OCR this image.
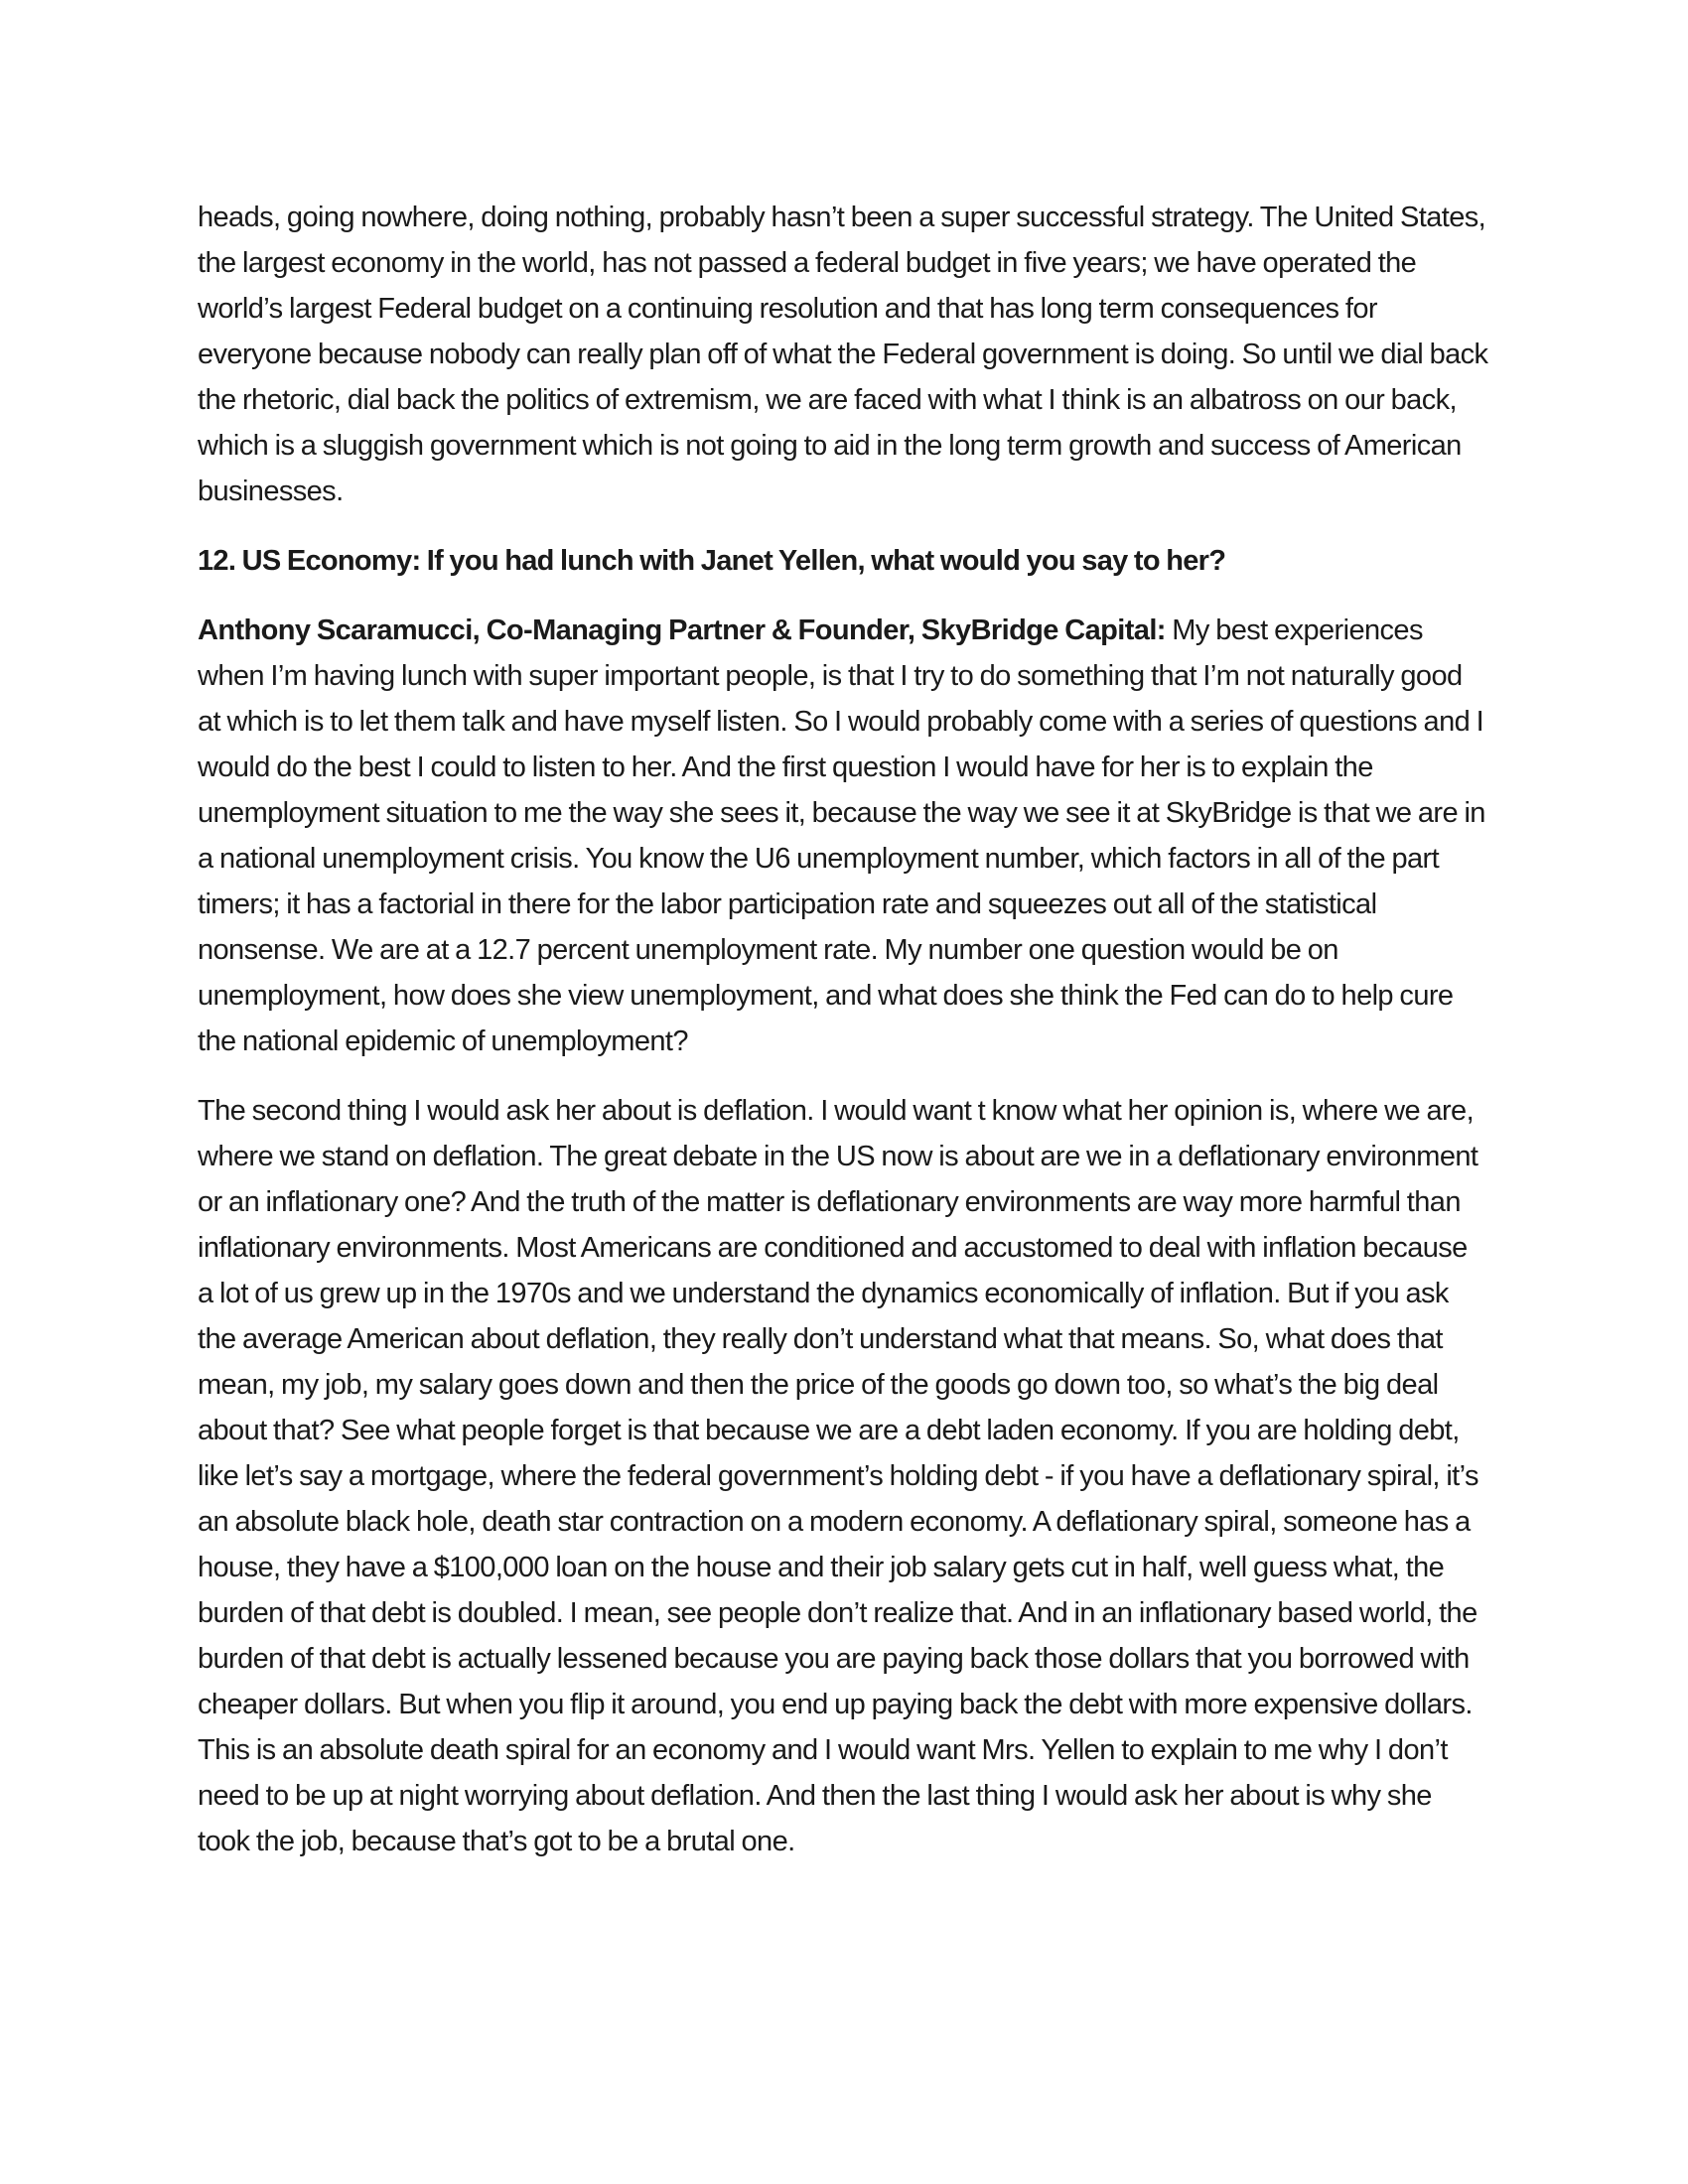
heads, going nowhere, doing nothing, probably hasn’t been a super successful strategy. The United States, the largest economy in the world, has not passed a federal budget in five years; we have operated the world’s largest Federal budget on a continuing resolution and that has long term consequences for everyone because nobody can really plan off of what the Federal government is doing. So until we dial back the rhetoric, dial back the politics of extremism, we are faced with what I think is an albatross on our back, which is a sluggish government which is not going to aid in the long term growth and success of American businesses.

12. US Economy: If you had lunch with Janet Yellen, what would you say to her?

Anthony Scaramucci, Co-Managing Partner & Founder, SkyBridge Capital: My best experiences when I’m having lunch with super important people, is that I try to do something that I’m not naturally good at which is to let them talk and have myself listen. So I would probably come with a series of questions and I would do the best I could to listen to her. And the first question I would have for her is to explain the unemployment situation to me the way she sees it, because the way we see it at SkyBridge is that we are in a national unemployment crisis. You know the U6 unemployment number, which factors in all of the part timers; it has a factorial in there for the labor participation rate and squeezes out all of the statistical nonsense. We are at a 12.7 percent unemployment rate. My number one question would be on unemployment, how does she view unemployment, and what does she think the Fed can do to help cure the national epidemic of unemployment?

The second thing I would ask her about is deflation. I would want t know what her opinion is, where we are, where we stand on deflation. The great debate in the US now is about are we in a deflationary environment or an inflationary one? And the truth of the matter is deflationary environments are way more harmful than inflationary environments. Most Americans are conditioned and accustomed to deal with inflation because a lot of us grew up in the 1970s and we understand the dynamics economically of inflation. But if you ask the average American about deflation, they really don’t understand what that means. So, what does that mean, my job, my salary goes down and then the price of the goods go down too, so what’s the big deal about that? See what people forget is that because we are a debt laden economy. If you are holding debt, like let’s say a mortgage, where the federal government’s holding debt - if you have a deflationary spiral, it’s an absolute black hole, death star contraction on a modern economy. A deflationary spiral, someone has a house, they have a $100,000 loan on the house and their job salary gets cut in half, well guess what, the burden of that debt is doubled. I mean, see people don’t realize that. And in an inflationary based world, the burden of that debt is actually lessened because you are paying back those dollars that you borrowed with cheaper dollars. But when you flip it around, you end up paying back the debt with more expensive dollars. This is an absolute death spiral for an economy and I would want Mrs. Yellen to explain to me why I don’t need to be up at night worrying about deflation. And then the last thing I would ask her about is why she took the job, because that’s got to be a brutal one.
